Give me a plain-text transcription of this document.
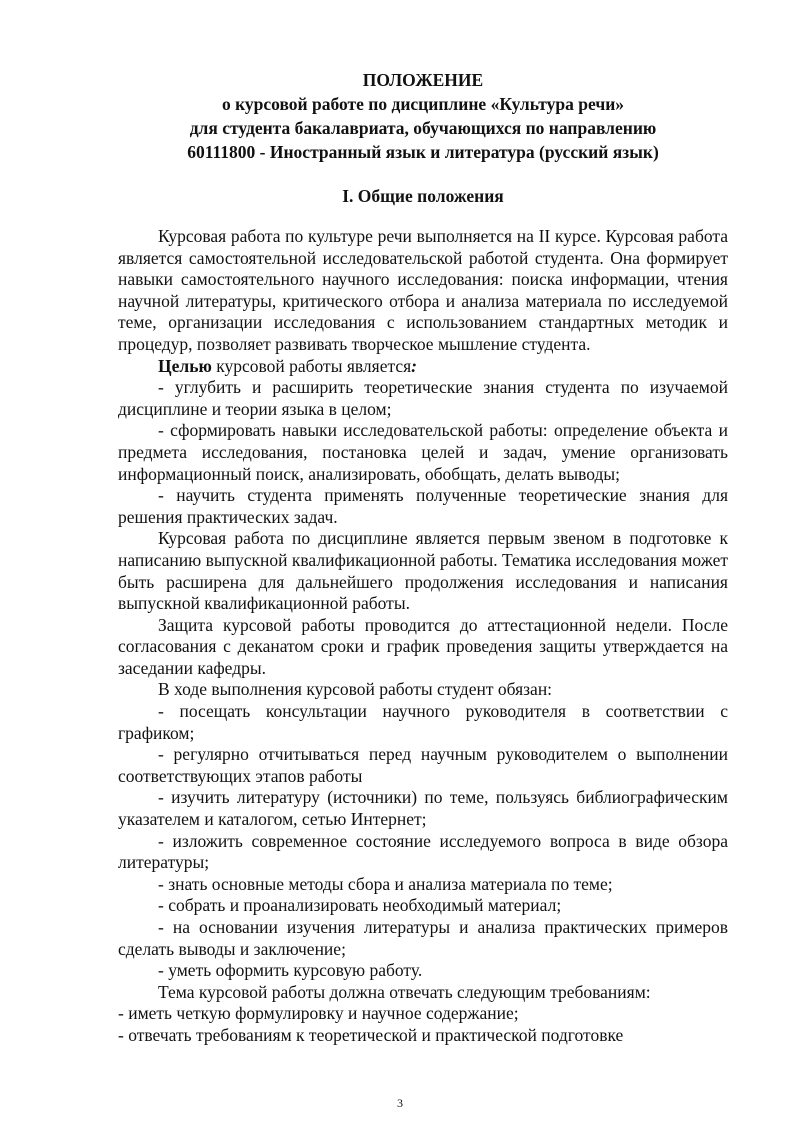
ПОЛОЖЕНИЕ

о курсовой работе по дисциплине «Культура речи»

для студента бакалавриата, обучающихся по направлению

60111800 - Иностранный язык и литература (русский язык)

I. Общие положения

Курсовая работа по культуре речи выполняется на II курсе. Курсовая работа является самостоятельной исследовательской работой студента. Она формирует навыки самостоятельного научного исследования: поиска информации, чтения научной литературы, критического отбора и анализа материала по исследуемой теме, организации исследования с использованием стандартных методик и процедур, позволяет развивать творческое мышление студента.

Целью курсовой работы является:

- углубить и расширить теоретические знания студента по изучаемой дисциплине и теории языка в целом;

- сформировать навыки исследовательской работы: определение объекта и предмета исследования, постановка целей и задач, умение организовать информационный поиск, анализировать, обобщать, делать выводы;

- научить студента применять полученные теоретические знания для решения практических задач.

Курсовая работа по дисциплине является первым звеном в подготовке к написанию выпускной квалификационной работы. Тематика исследования может быть расширена для дальнейшего продолжения исследования и написания выпускной квалификационной работы.

Защита курсовой работы проводится до аттестационной недели. После согласования с деканатом сроки и график проведения защиты утверждается на заседании кафедры.

В ходе выполнения курсовой работы студент обязан:

- посещать консультации научного руководителя в соответствии с графиком;

- регулярно отчитываться перед научным руководителем о выполнении соответствующих этапов работы

- изучить литературу (источники) по теме, пользуясь библиографическим указателем и каталогом, сетью Интернет;

- изложить современное состояние исследуемого вопроса в виде обзора литературы;

- знать основные методы сбора и анализа материала по теме;

- собрать и проанализировать необходимый материал;

- на основании изучения литературы и анализа практических примеров сделать выводы и заключение;

- уметь оформить курсовую работу.

Тема курсовой работы должна отвечать следующим требованиям:

- иметь четкую формулировку и научное содержание;

- отвечать требованиям к теоретической и практической подготовке

3
